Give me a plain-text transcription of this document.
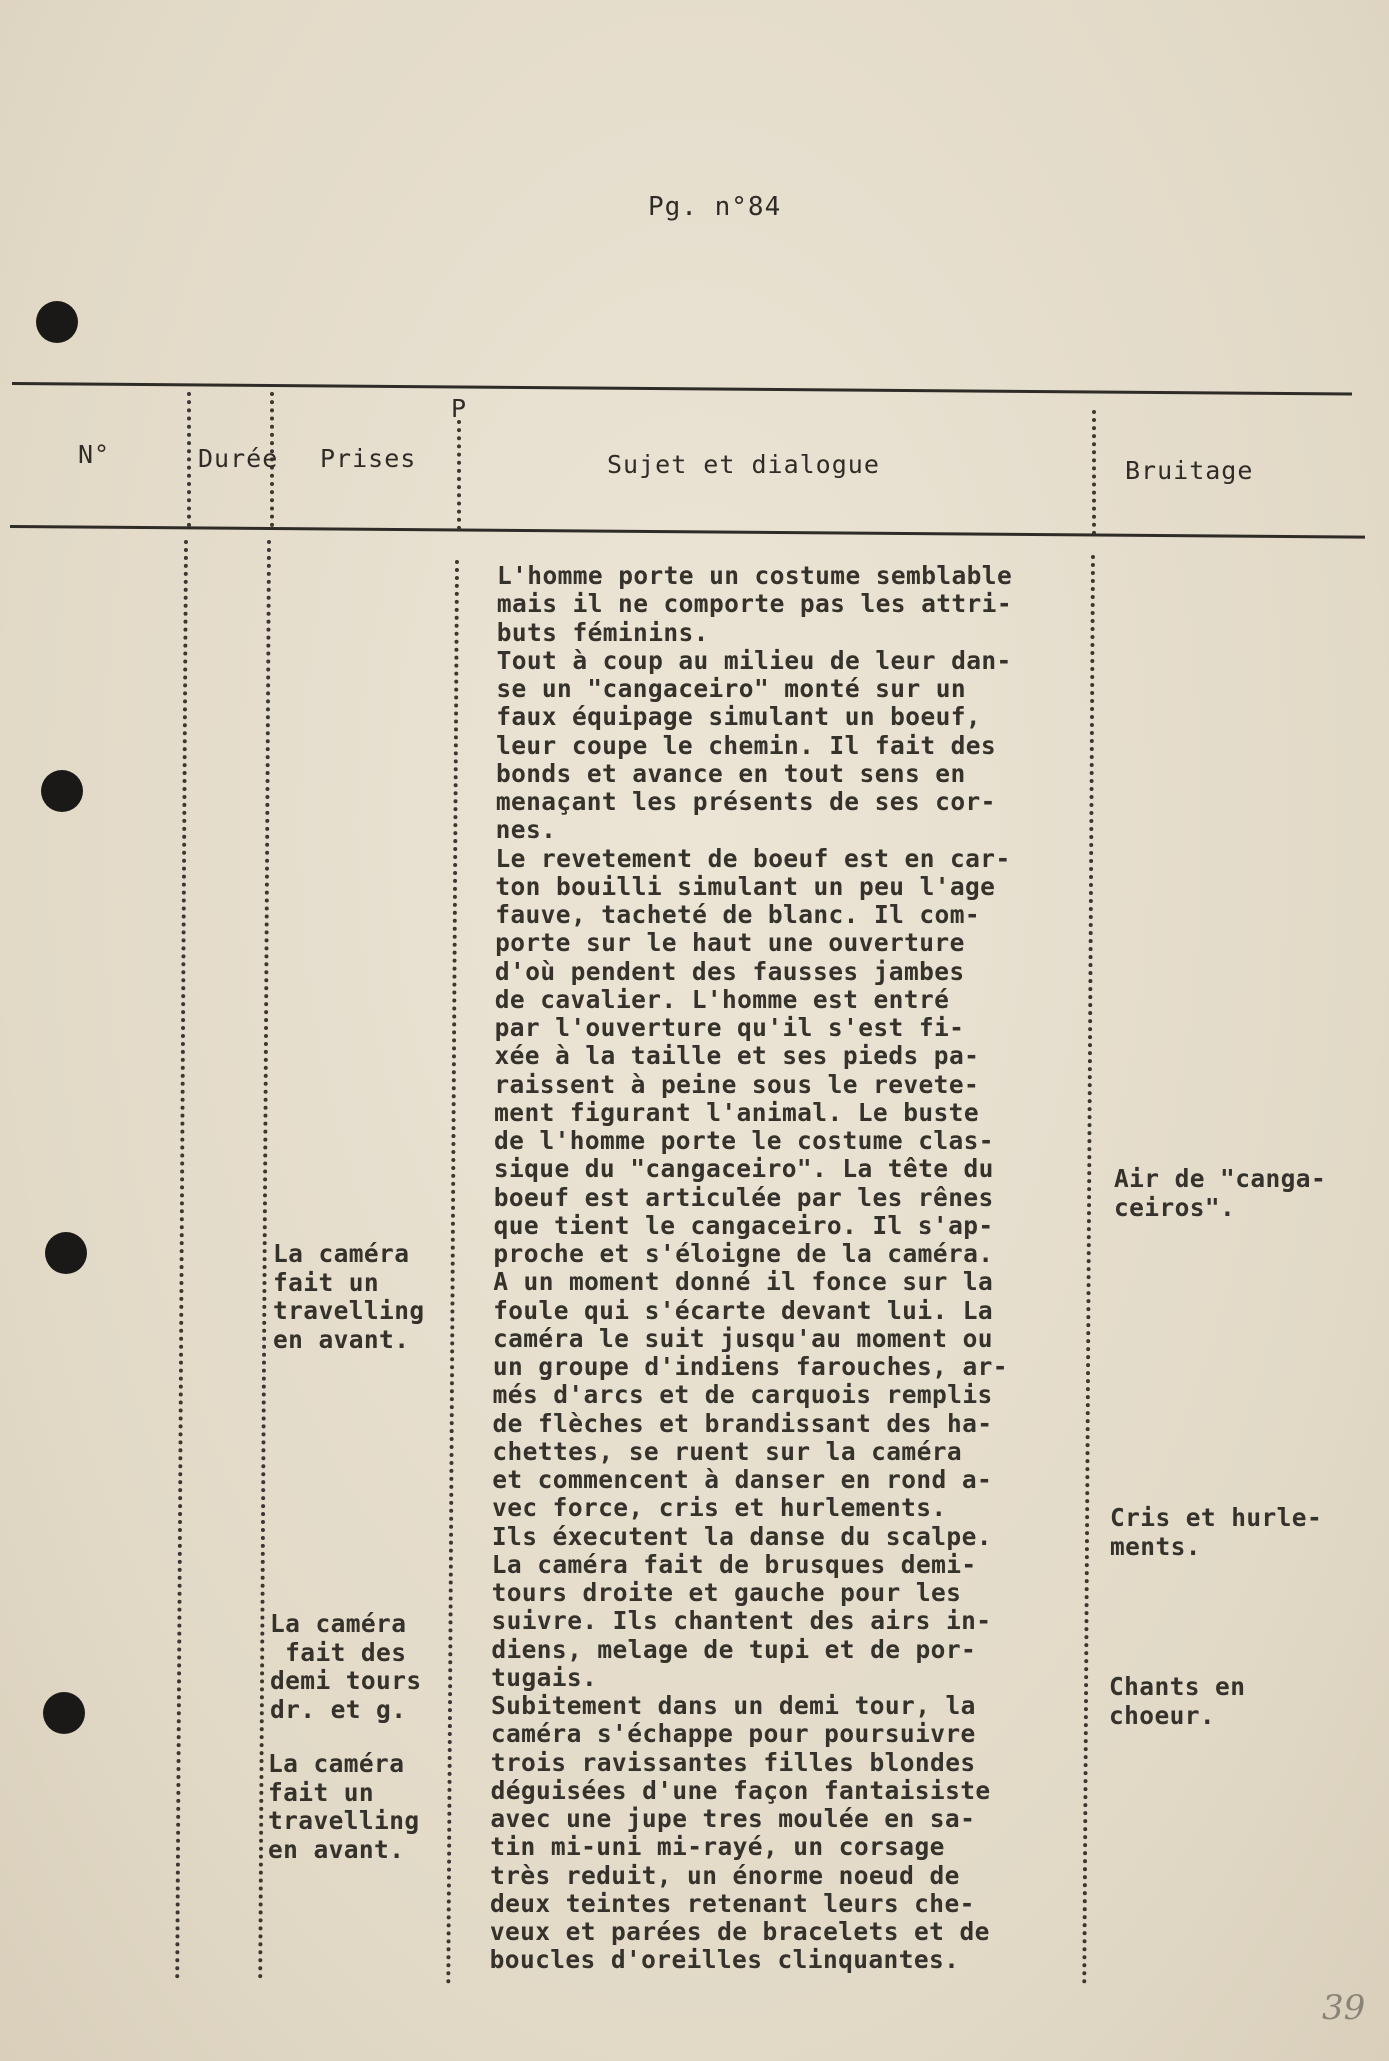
Pg. n°84
N°	Durée Prises
P
Sujet et dialogue	Bruitage
L'homme porte un costume semblable
mais il ne comporte pas les attri-
buts féminins.
Tout à coup au milieu de leur dan-
se un "cangaceiro" monté sur un
faux équipage simulant un boeuf,
leur coupe le chemin. Il fait des
bonds et avance en tout sens en
menaçant les présents de ses cor-
nes.
Le revetement de boeuf est en car-
ton bouilli simulant un peu l'age
fauve, tacheté de blanc. Il com-
porte sur le haut une ouverture
d'où pendent des fausses jambes
de cavalier. L'homme est entré
par l'ouverture qu'il s'est fi-
xée à la taille et ses pieds pa-
raissent à peine sous le revete-
ment figurant l'animal. Le buste
de l'homme porte le costume clas-
sique du "cangaceiro". La tête du
boeuf est articulée par les rênes
que tient le cangaceiro. Il s'ap-
proche et s'éloigne de la caméra.
A un moment donné il fonce sur la
foule qui s'écarte devant lui. La
caméra le suit jusqu'au moment ou
un groupe d'indiens farouches, ar-
més d'arcs et de carquois remplis
de flèches et brandissant des ha-
chettes, se ruent sur la caméra
et commencent à danser en rond a-
vec force, cris et hurlements.
Ils éxecutent la danse du scalpe.
La caméra fait de brusques demi-
tours droite et gauche pour les
suivre. Ils chantent des airs in-
diens, melage de tupi et de por-
tugais.
Subitement dans un demi tour, la
caméra s'échappe pour poursuivre
trois ravissantes filles blondes
déguisées d'une façon fantaisiste
avec une jupe tres moulée en sa-
tin mi-uni mi-rayé, un corsage
très reduit, un énorme noeud de
deux teintes retenant leurs che-
veux et parées de bracelets et de
boucles d'oreilles clinquantes.
La caméra
fait un
travelling
en avant.
La caméra
fait des
demi tours
dr. et g.
La caméra
fait un
travelling
en avant.
Air de "canga-
ceiros".
Cris et hurle-
ments.
Chants en
choeur.
39
